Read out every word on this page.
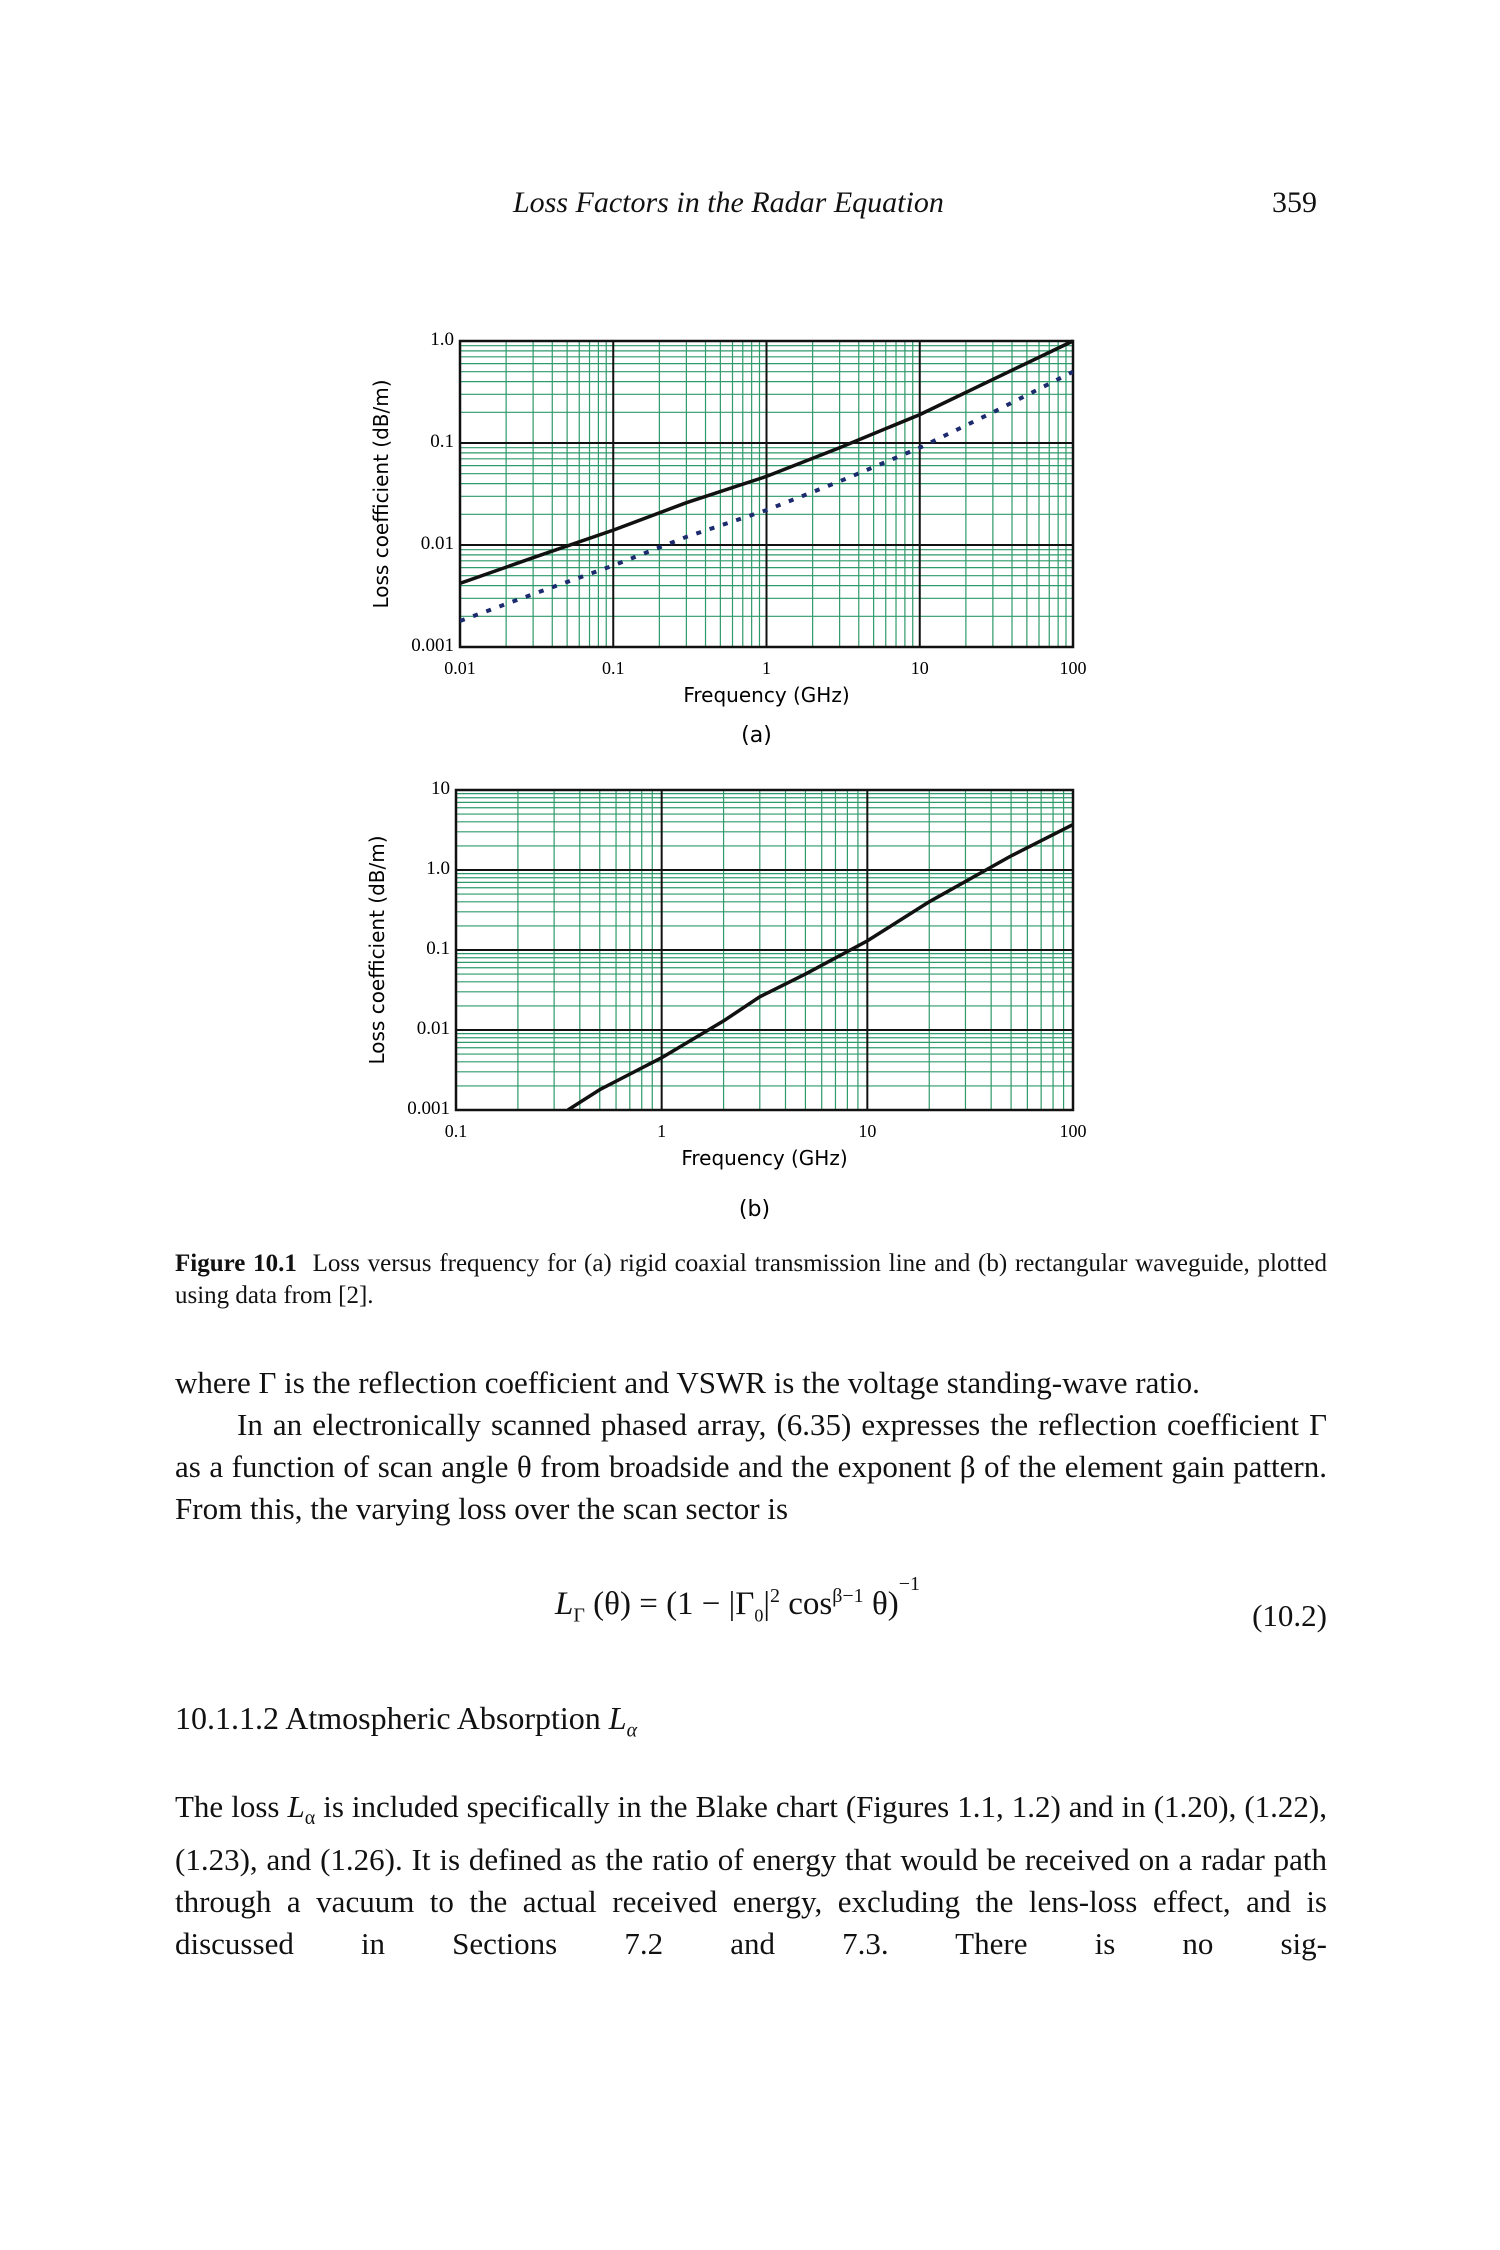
Loss Factors in the Radar Equation	359
0.01	0.1	1	10	100
0.001
0.01
0.1
1.0
Frequency (GHz)
Loss coefficient (dB/m)
(a)
0.1	1	10	100
0.001
0.01
0.1
1.0
10
Frequency (GHz)
Loss coefficient (dB/m)
(b)
Figure 10.1 Loss versus frequency for (a) rigid coaxial transmission line and (b) rectangular waveguide, plotted using data from [2].
where Γ is the reflection coefficient and VSWR is the voltage standing-wave ratio.
In an electronically scanned phased array, (6.35) expresses the reflection coefficient Γ as a function of scan angle θ from broadside and the exponent β of the element gain pattern. From this, the varying loss over the scan sector is
$L_\Gamma$ $(\theta) = (1 - |\Gamma_0|^2$ $\cos^{\beta-1} \theta)^{-1}$
(10.2)
10.1.1.2 Atmospheric Absorption $L_\alpha$
The loss $L_\alpha$ is included specifically in the Blake chart (Figures 1.1, 1.2) and in (1.20), (1.22), (1.23), and (1.26). It is defined as the ratio of energy that would be received on a radar path through a vacuum to the actual received energy, excluding the lens-loss effect, and is discussed in Sections 7.2 and 7.3. There is no sig-
